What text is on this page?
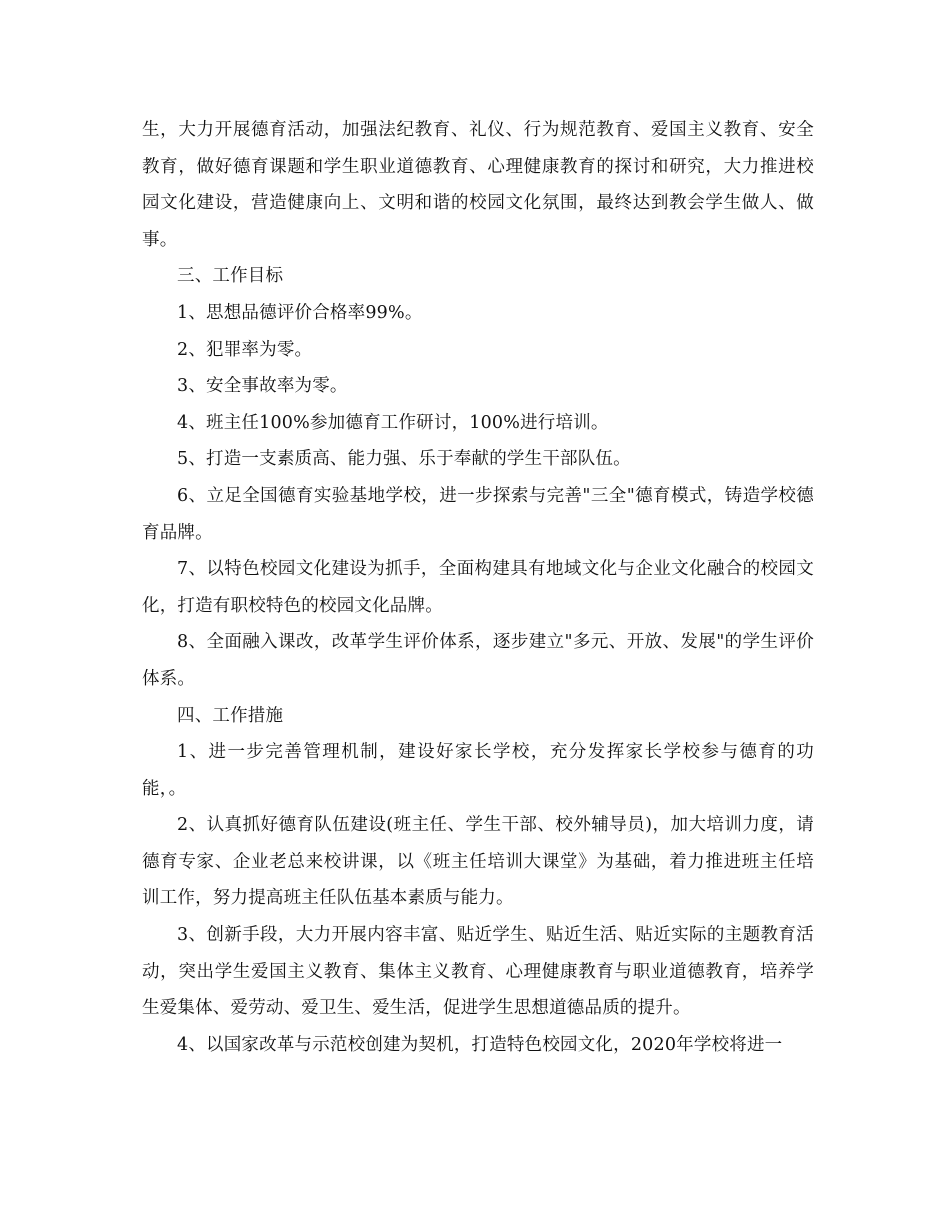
生，大力开展德育活动，加强法纪教育、礼仪、行为规范教育、爱国主义教育、安全教育，做好德育课题和学生职业道德教育、心理健康教育的探讨和研究，大力推进校园文化建设，营造健康向上、文明和谐的校园文化氛围，最终达到教会学生做人、做事。

三、工作目标

1、思想品德评价合格率99%。

2、犯罪率为零。

3、安全事故率为零。

4、班主任100%参加德育工作研讨，100%进行培训。

5、打造一支素质高、能力强、乐于奉献的学生干部队伍。

6、立足全国德育实验基地学校，进一步探索与完善"三全"德育模式，铸造学校德育品牌。

7、以特色校园文化建设为抓手，全面构建具有地域文化与企业文化融合的校园文化，打造有职校特色的校园文化品牌。

8、全面融入课改，改革学生评价体系，逐步建立"多元、开放、发展"的学生评价体系。

四、工作措施

1、进一步完善管理机制，建设好家长学校，充分发挥家长学校参与德育的功能，。

2、认真抓好德育队伍建设(班主任、学生干部、校外辅导员)，加大培训力度，请德育专家、企业老总来校讲课，以《班主任培训大课堂》为基础，着力推进班主任培训工作，努力提高班主任队伍基本素质与能力。

3、创新手段，大力开展内容丰富、贴近学生、贴近生活、贴近实际的主题教育活动，突出学生爱国主义教育、集体主义教育、心理健康教育与职业道德教育，培养学生爱集体、爱劳动、爱卫生、爱生活，促进学生思想道德品质的提升。

4、以国家改革与示范校创建为契机，打造特色校园文化，2020年学校将进一
